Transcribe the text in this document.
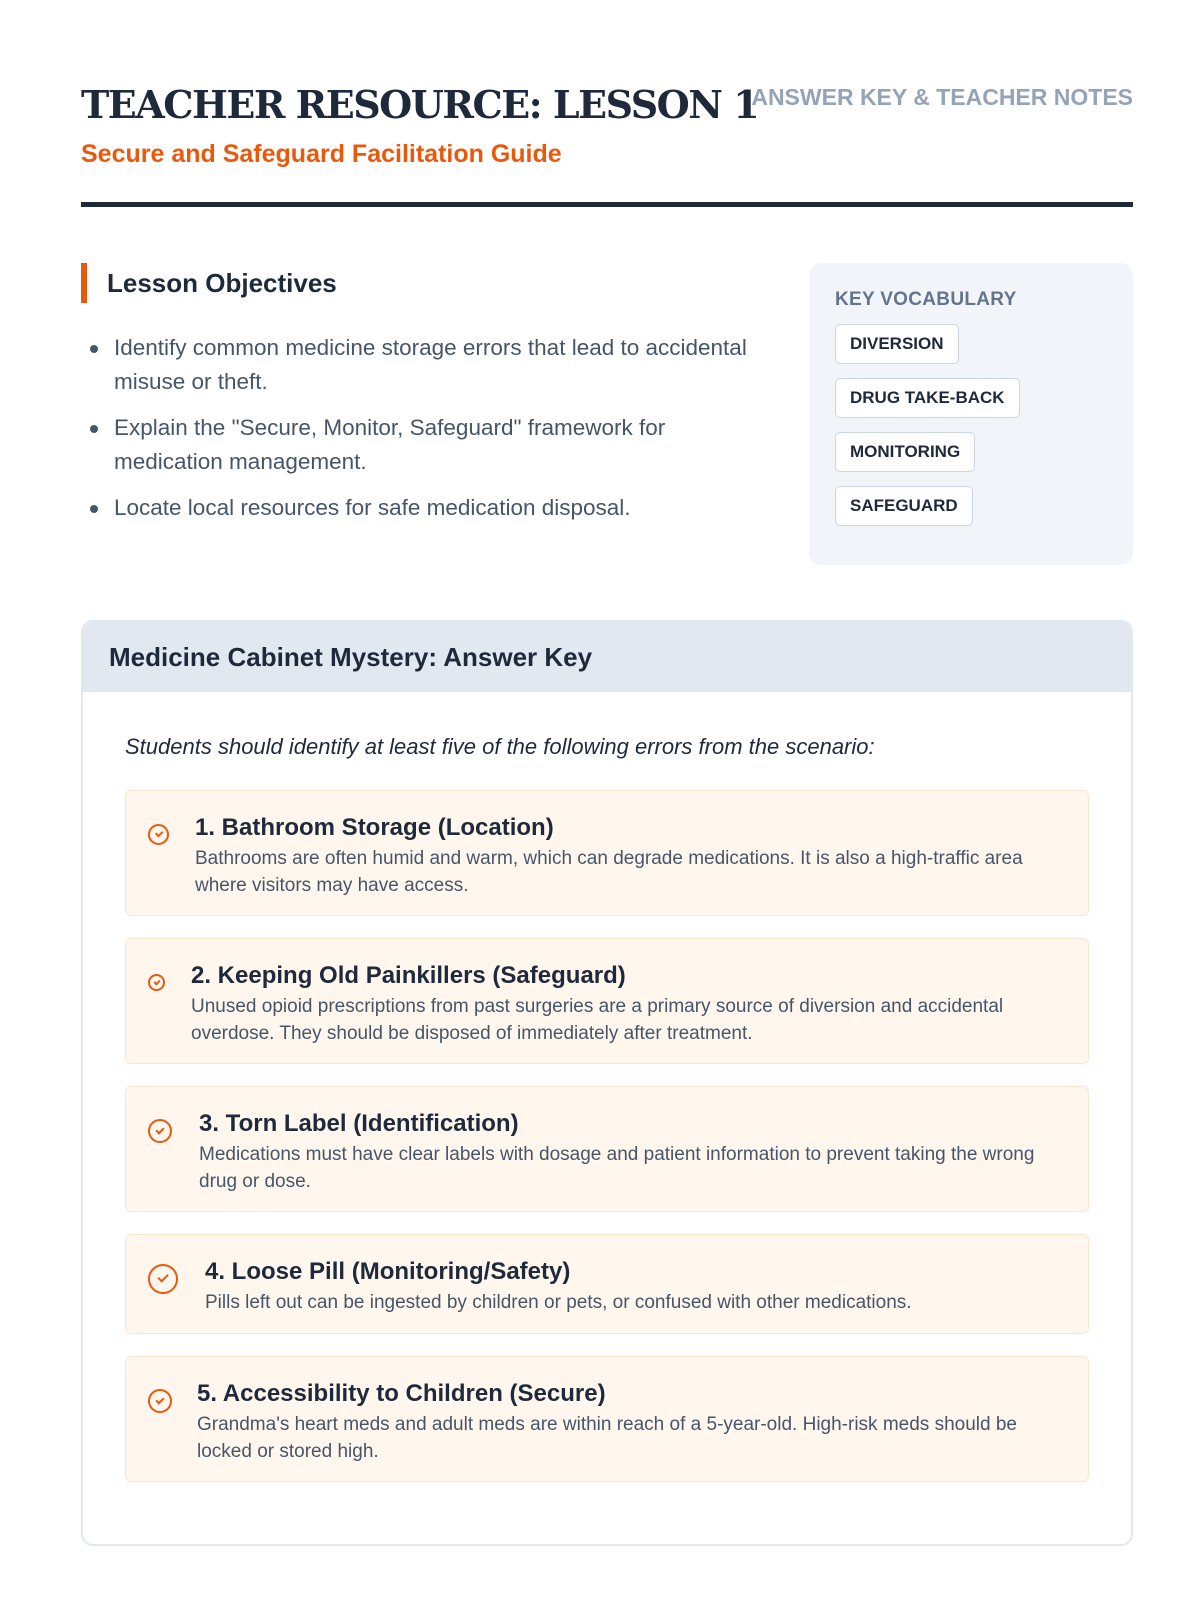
TEACHER RESOURCE: LESSON 1
Secure and Safeguard Facilitation Guide
ANSWER KEY & TEACHER NOTES
Lesson Objectives
Identify common medicine storage errors that lead to accidental misuse or theft.
Explain the "Secure, Monitor, Safeguard" framework for medication management.
Locate local resources for safe medication disposal.
KEY VOCABULARY
DIVERSION
DRUG TAKE-BACK
MONITORING
SAFEGUARD
Medicine Cabinet Mystery: Answer Key

Students should identify at least five of the following errors from the scenario:

1. Bathroom Storage (Location)

Bathrooms are often humid and warm, which can degrade medications. It is also a high-traffic area where visitors may have access.

2. Keeping Old Painkillers (Safeguard)

Unused opioid prescriptions from past surgeries are a primary source of diversion and accidental overdose. They should be disposed of immediately after treatment.

3. Torn Label (Identification)

Medications must have clear labels with dosage and patient information to prevent taking the wrong drug or dose.

4. Loose Pill (Monitoring/Safety)

Pills left out can be ingested by children or pets, or confused with other medications.

5. Accessibility to Children (Secure)

Grandma's heart meds and adult meds are within reach of a 5-year-old. High-risk meds should be locked or stored high.
